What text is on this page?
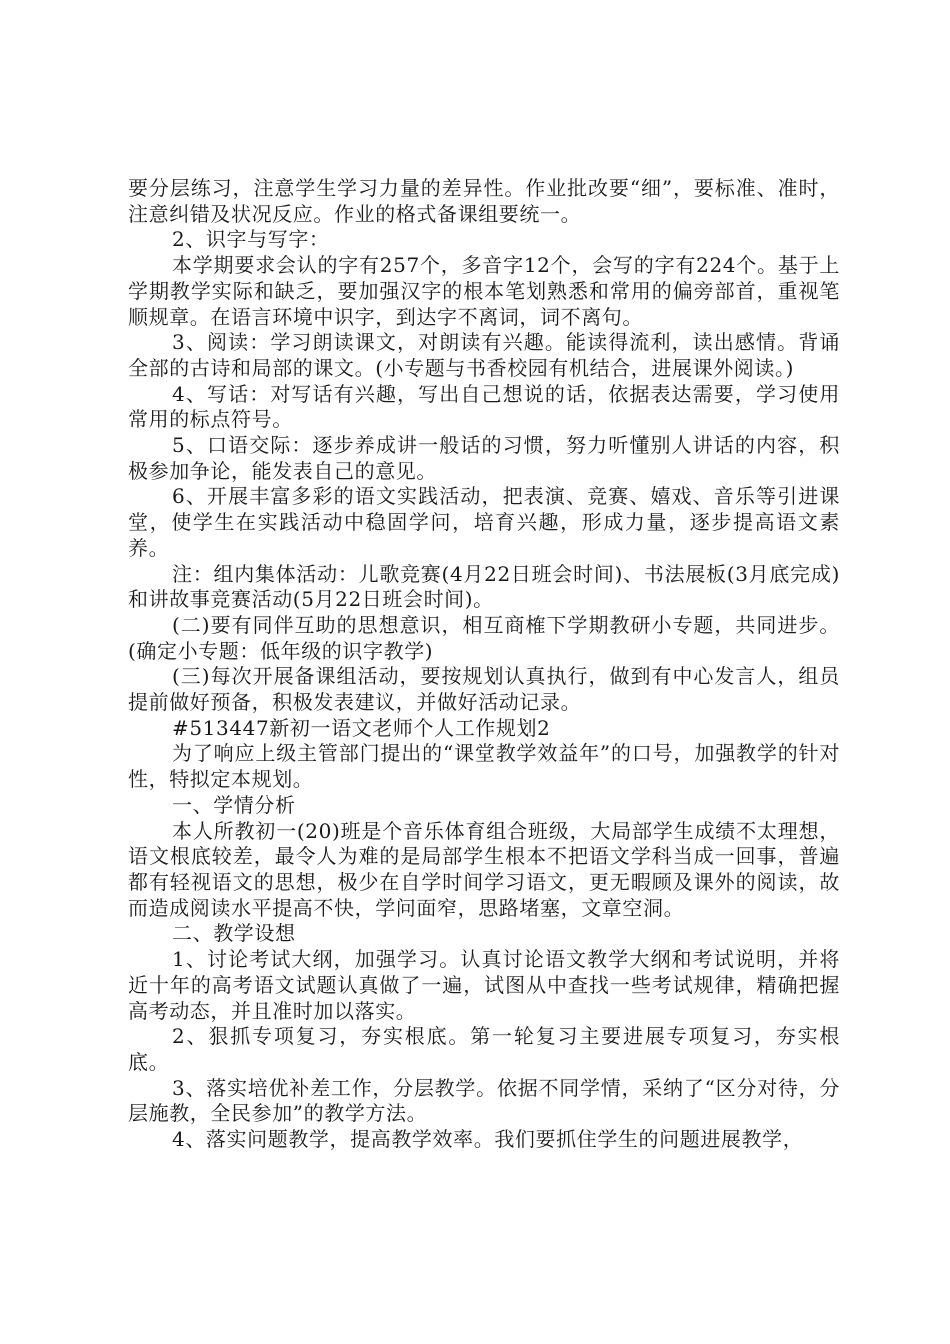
要分层练习，注意学生学习力量的差异性。作业批改要“细”，要标准、准时，注意纠错及状况反应。作业的格式备课组要统一。

2、识字与写字：

本学期要求会认的字有257个，多音字12个，会写的字有224个。基于上学期教学实际和缺乏，要加强汉字的根本笔划熟悉和常用的偏旁部首，重视笔顺规章。在语言环境中识字，到达字不离词，词不离句。

3、阅读：学习朗读课文，对朗读有兴趣。能读得流利，读出感情。背诵全部的古诗和局部的课文。(小专题与书香校园有机结合，进展课外阅读。)

4、写话：对写话有兴趣，写出自己想说的话，依据表达需要，学习使用常用的标点符号。

5、口语交际：逐步养成讲一般话的习惯，努力听懂别人讲话的内容，积极参加争论，能发表自己的意见。

6、开展丰富多彩的语文实践活动，把表演、竞赛、嬉戏、音乐等引进课堂，使学生在实践活动中稳固学问，培育兴趣，形成力量，逐步提高语文素养。

注：组内集体活动：儿歌竞赛(4月22日班会时间)、书法展板(3月底完成)和讲故事竞赛活动(5月22日班会时间)。

(二)要有同伴互助的思想意识，相互商榷下学期教研小专题，共同进步。(确定小专题：低年级的识字教学)

(三)每次开展备课组活动，要按规划认真执行，做到有中心发言人，组员提前做好预备，积极发表建议，并做好活动记录。

#513447新初一语文老师个人工作规划2

为了响应上级主管部门提出的“课堂教学效益年”的口号，加强教学的针对性，特拟定本规划。

一、学情分析

本人所教初一(20)班是个音乐体育组合班级，大局部学生成绩不太理想，语文根底较差，最令人为难的是局部学生根本不把语文学科当成一回事，普遍都有轻视语文的思想，极少在自学时间学习语文，更无暇顾及课外的阅读，故而造成阅读水平提高不快，学问面窄，思路堵塞，文章空洞。

二、教学设想

1、讨论考试大纲，加强学习。认真讨论语文教学大纲和考试说明，并将近十年的高考语文试题认真做了一遍，试图从中查找一些考试规律，精确把握高考动态，并且准时加以落实。

2、狠抓专项复习，夯实根底。第一轮复习主要进展专项复习，夯实根底。

3、落实培优补差工作，分层教学。依据不同学情，采纳了“区分对待，分层施教，全民参加”的教学方法。

4、落实问题教学，提高教学效率。我们要抓住学生的问题进展教学，
